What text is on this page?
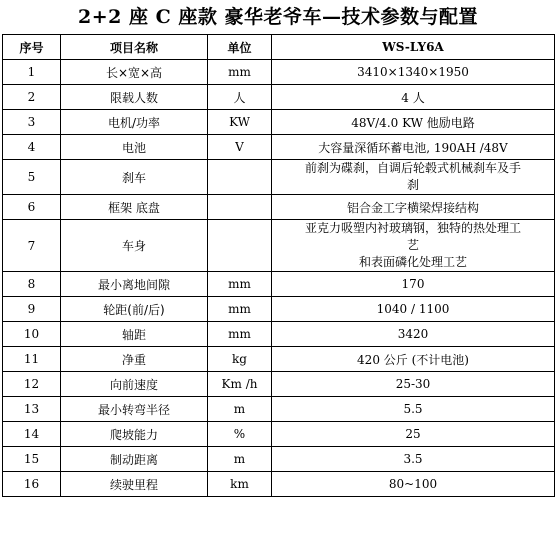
2+2 座 C 座款 豪华老爷车—技术参数与配置
序号	项目名称	单位	WS-LY6A
1	长×宽×高	mm	3410×1340×1950
2	限载人数	人	4 人
3	电机/功率	KW	48V/4.0 KW 他励电路
4	电池	V	大容量深循环蓄电池, 190AH /48V
5	刹车		前刹为碟刹，自调后轮毂式机械刹车及手
刹

6	框架 底盘		铝合金工字横梁焊接结构
7	车身		亚克力吸塑内衬玻璃钢，独特的热处理工
艺
和表面磷化处理工艺

8	最小离地间隙	mm	170
9	轮距(前/后)	mm	1040 / 1100
10	轴距	mm	3420
11	净重	kg	420 公斤 (不计电池)
12	向前速度	Km /h	25-30
13	最小转弯半径	m	5.5
14	爬坡能力	%	25
15	制动距离	m	3.5
16	续驶里程	km	80~100
